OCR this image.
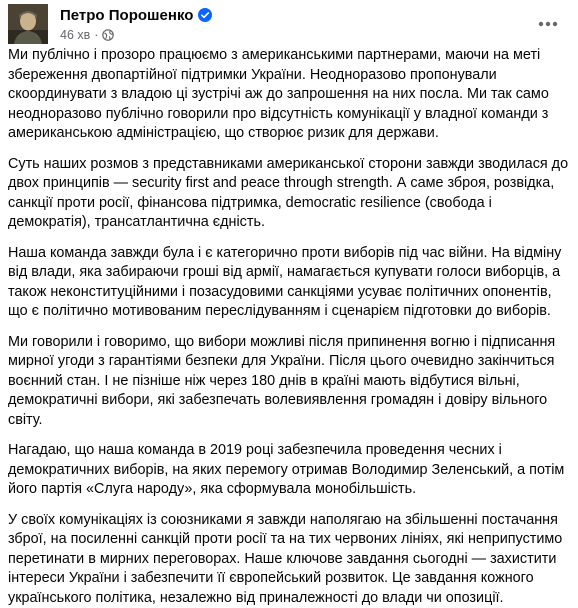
Петро Порошенко
46 хв ·

Ми публічно і прозоро працюємо з американськими партнерами, маючи на меті збереження двопартійної підтримки України. Неодноразово пропонували скоординувати з владою ці зустрічі аж до запрошення на них посла. Ми так само неодноразово публічно говорили про відсутність комунікації у владної команди з американською адміністрацією, що створює ризик для держави.

Суть наших розмов з представниками американської сторони завжди зводилася до двох принципів — security first and peace through strength. А саме зброя, розвідка, санкції проти росії, фінансова підтримка, democratic resilience (свобода і демократія), трансатлантична єдність.

Наша команда завжди була і є категорично проти виборів під час війни. На відміну від влади, яка забираючи гроші від армії, намагається купувати голоси виборців, а також неконституційними і позасудовими санкціями усуває політичних опонентів, що є політично мотивованим переслідуванням і сценарієм підготовки до виборів.

Ми говорили і говоримо, що вибори можливі після припинення вогню і підписання мирної угоди з гарантіями безпеки для України. Після цього очевидно закінчиться воєнний стан. І не пізніше ніж через 180 днів в країні мають відбутися вільні, демократичні вибори, які забезпечать волевиявлення громадян і довіру вільного світу.

Нагадаю, що наша команда в 2019 році забезпечила проведення чесних і демократичних виборів, на яких перемогу отримав Володимир Зеленський, а потім його партія «Слуга народу», яка сформувала монобільшість.

У своїх комунікаціях із союзниками я завжди наполягаю на збільшенні постачання зброї, на посиленні санкцій проти росії та на тих червоних лініях, які неприпустимо перетинати в мирних переговорах. Наше ключове завдання сьогодні — захистити інтереси України і забезпечити її європейський розвиток. Це завдання кожного українського політика, незалежно від приналежності до влади чи опозиції.
